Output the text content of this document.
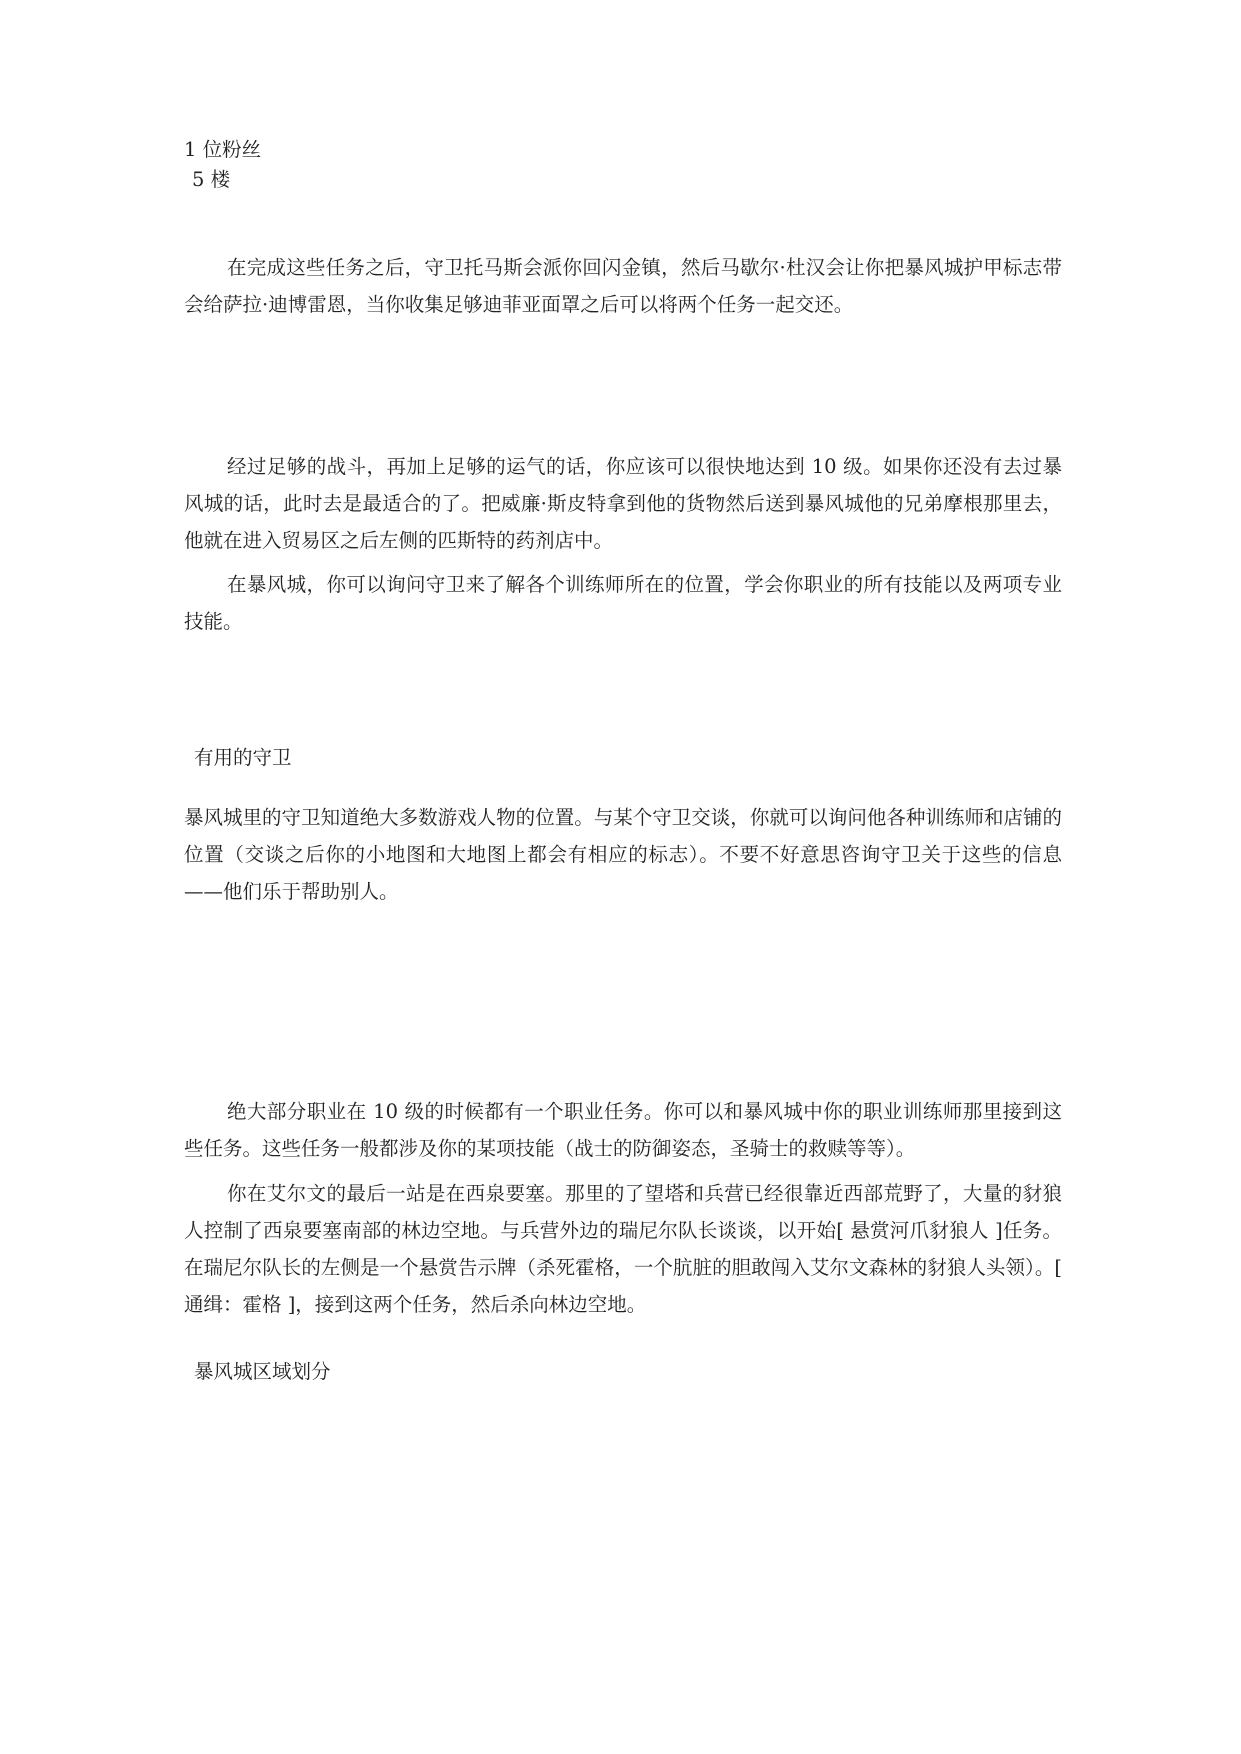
1 位粉丝
5 楼
在完成这些任务之后，守卫托马斯会派你回闪金镇，然后马歇尔·杜汉会让你把暴风城护甲标志带会给萨拉·迪博雷恩，当你收集足够迪菲亚面罩之后可以将两个任务一起交还。
经过足够的战斗，再加上足够的运气的话，你应该可以很快地达到 10 级。如果你还没有去过暴风城的话，此时去是最适合的了。把威廉·斯皮特拿到他的货物然后送到暴风城他的兄弟摩根那里去，他就在进入贸易区之后左侧的匹斯特的药剂店中。
在暴风城，你可以询问守卫来了解各个训练师所在的位置，学会你职业的所有技能以及两项专业技能。
有用的守卫
暴风城里的守卫知道绝大多数游戏人物的位置。与某个守卫交谈，你就可以询问他各种训练师和店铺的位置（交谈之后你的小地图和大地图上都会有相应的标志）。不要不好意思咨询守卫关于这些的信息——他们乐于帮助别人。
绝大部分职业在 10 级的时候都有一个职业任务。你可以和暴风城中你的职业训练师那里接到这些任务。这些任务一般都涉及你的某项技能（战士的防御姿态，圣骑士的救赎等等）。
你在艾尔文的最后一站是在西泉要塞。那里的了望塔和兵营已经很靠近西部荒野了，大量的豺狼人控制了西泉要塞南部的林边空地。与兵营外边的瑞尼尔队长谈谈，以开始[ 悬赏河爪豺狼人 ]任务。在瑞尼尔队长的左侧是一个悬赏告示牌（杀死霍格，一个肮脏的胆敢闯入艾尔文森林的豺狼人头领）。[ 通缉：霍格 ]，接到这两个任务，然后杀向林边空地。
暴风城区域划分
